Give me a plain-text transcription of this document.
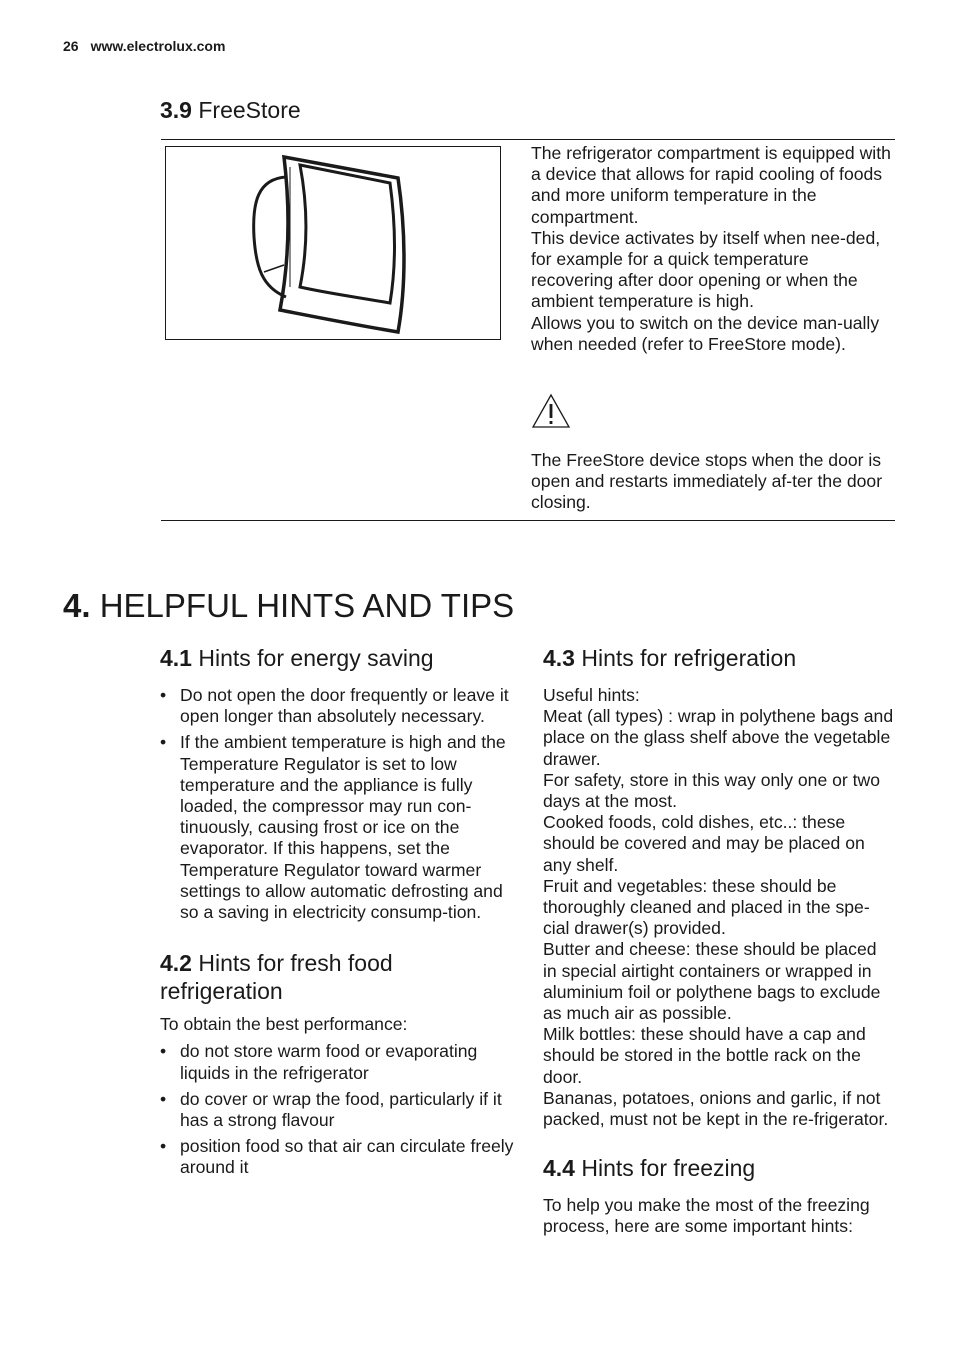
26 www.electrolux.com
3.9 FreeStore
The refrigerator compartment is equipped with a device that allows for rapid cooling of foods and more uniform temperature in the compartment.
This device activates by itself when nee-ded, for example for a quick temperature recovering after door opening or when the ambient temperature is high.
Allows you to switch on the device man-ually when needed (refer to FreeStore mode).
The FreeStore device stops when the door is open and restarts immediately af-ter the door closing.
4. HELPFUL HINTS AND TIPS
4.1 Hints for energy saving
• Do not open the door frequently or leave it open longer than absolutely necessary.
• If the ambient temperature is high and the Temperature Regulator is set to low temperature and the appliance is fully loaded, the compressor may run con-tinuously, causing frost or ice on the evaporator. If this happens, set the Temperature Regulator toward warmer settings to allow automatic defrosting and so a saving in electricity consump-tion.
4.2 Hints for fresh food refrigeration
To obtain the best performance:
• do not store warm food or evaporating liquids in the refrigerator
• do cover or wrap the food, particularly if it has a strong flavour
• position food so that air can circulate freely around it
4.3 Hints for refrigeration
Useful hints:
Meat (all types) : wrap in polythene bags and place on the glass shelf above the vegetable drawer.
For safety, store in this way only one or two days at the most.
Cooked foods, cold dishes, etc..: these should be covered and may be placed on any shelf.
Fruit and vegetables: these should be thoroughly cleaned and placed in the spe-cial drawer(s) provided.
Butter and cheese: these should be placed in special airtight containers or wrapped in aluminium foil or polythene bags to exclude as much air as possible.
Milk bottles: these should have a cap and should be stored in the bottle rack on the door.
Bananas, potatoes, onions and garlic, if not packed, must not be kept in the re-frigerator.
4.4 Hints for freezing
To help you make the most of the freezing process, here are some important hints:
